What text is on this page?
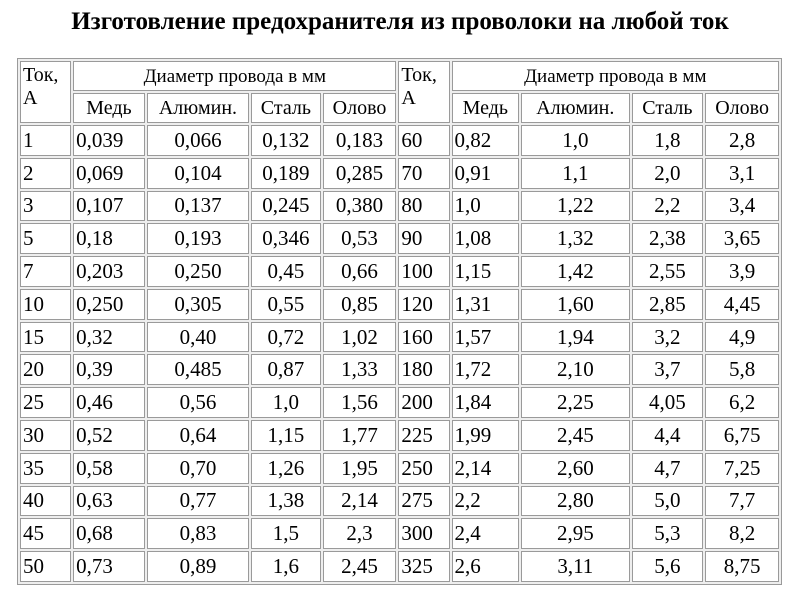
Изготовление предохранителя из проволоки на любой ток
Ток,
А	Диаметр провода в мм				Ток,
А	Диаметр провода в мм			
	Медь	Алюмин.	Сталь	Олово		Медь	Алюмин.	Сталь	Олово
1	0,039	0,066	0,132	0,183	60	0,82	1,0	1,8	2,8
2	0,069	0,104	0,189	0,285	70	0,91	1,1	2,0	3,1
3	0,107	0,137	0,245	0,380	80	1,0	1,22	2,2	3,4
5	0,18	0,193	0,346	0,53	90	1,08	1,32	2,38	3,65
7	0,203	0,250	0,45	0,66	100	1,15	1,42	2,55	3,9
10	0,250	0,305	0,55	0,85	120	1,31	1,60	2,85	4,45
15	0,32	0,40	0,72	1,02	160	1,57	1,94	3,2	4,9
20	0,39	0,485	0,87	1,33	180	1,72	2,10	3,7	5,8
25	0,46	0,56	1,0	1,56	200	1,84	2,25	4,05	6,2
30	0,52	0,64	1,15	1,77	225	1,99	2,45	4,4	6,75
35	0,58	0,70	1,26	1,95	250	2,14	2,60	4,7	7,25
40	0,63	0,77	1,38	2,14	275	2,2	2,80	5,0	7,7
45	0,68	0,83	1,5	2,3	300	2,4	2,95	5,3	8,2
50	0,73	0,89	1,6	2,45	325	2,6	3,11	5,6	8,75
